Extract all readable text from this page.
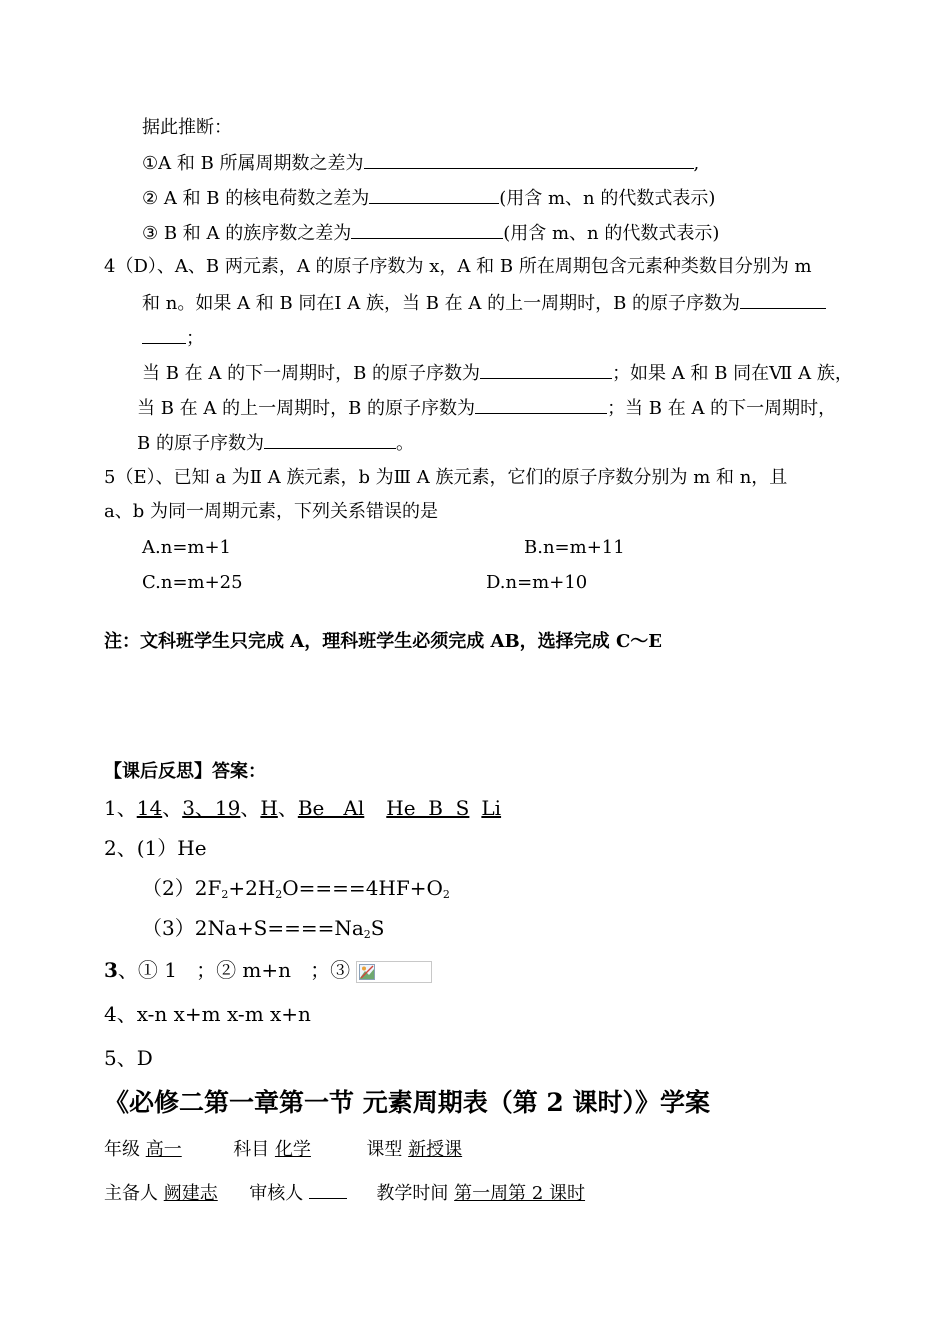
据此推断：
①A 和 B 所属周期数之差为	,
② A 和 B 的核电荷数之差为	(用含 m、n 的代数式表示)
③ B 和 A 的族序数之差为	(用含 m、n 的代数式表示)
4（D）、A、B 两元素，A 的原子序数为 x，A 和 B 所在周期包含元素种类数目分别为 m
和 n。如果 A 和 B 同在Ⅰ A 族，当 B 在 A 的上一周期时，B 的原子序数为
；
当 B 在 A 的下一周期时，B 的原子序数为	；如果 A 和 B 同在Ⅶ A 族，
当 B 在 A 的上一周期时，B 的原子序数为	；当 B 在 A 的下一周期时，
B 的原子序数为	。
5（E）、已知 a 为Ⅱ A 族元素，b 为Ⅲ A 族元素，它们的原子序数分别为 m 和 n，且
a、b 为同一周期元素，下列关系错误的是
A.n=m+1	B.n=m+11
C.n=m+25	D.n=m+10
注：文科班学生只完成 A，理科班学生必须完成 AB，选择完成 C～E
【课后反思】答案：
1、14、3、19、H、Be   Al He  B  S Li
2、(1）He
$(2)2F_2+2H_2O====4HF+O_2$
$(3)2Na+S====Na_2S$
3、① 1   ；② m+n   ；③
4、x-n x+m x-m x+n
5、D
《必修二第一章第一节 元素周期表（第 2 课时）》学案
年级 高一	科目 化学	课型 新授课
主备人 阙建志 审核人	教学时间 第一周第 2 课时
